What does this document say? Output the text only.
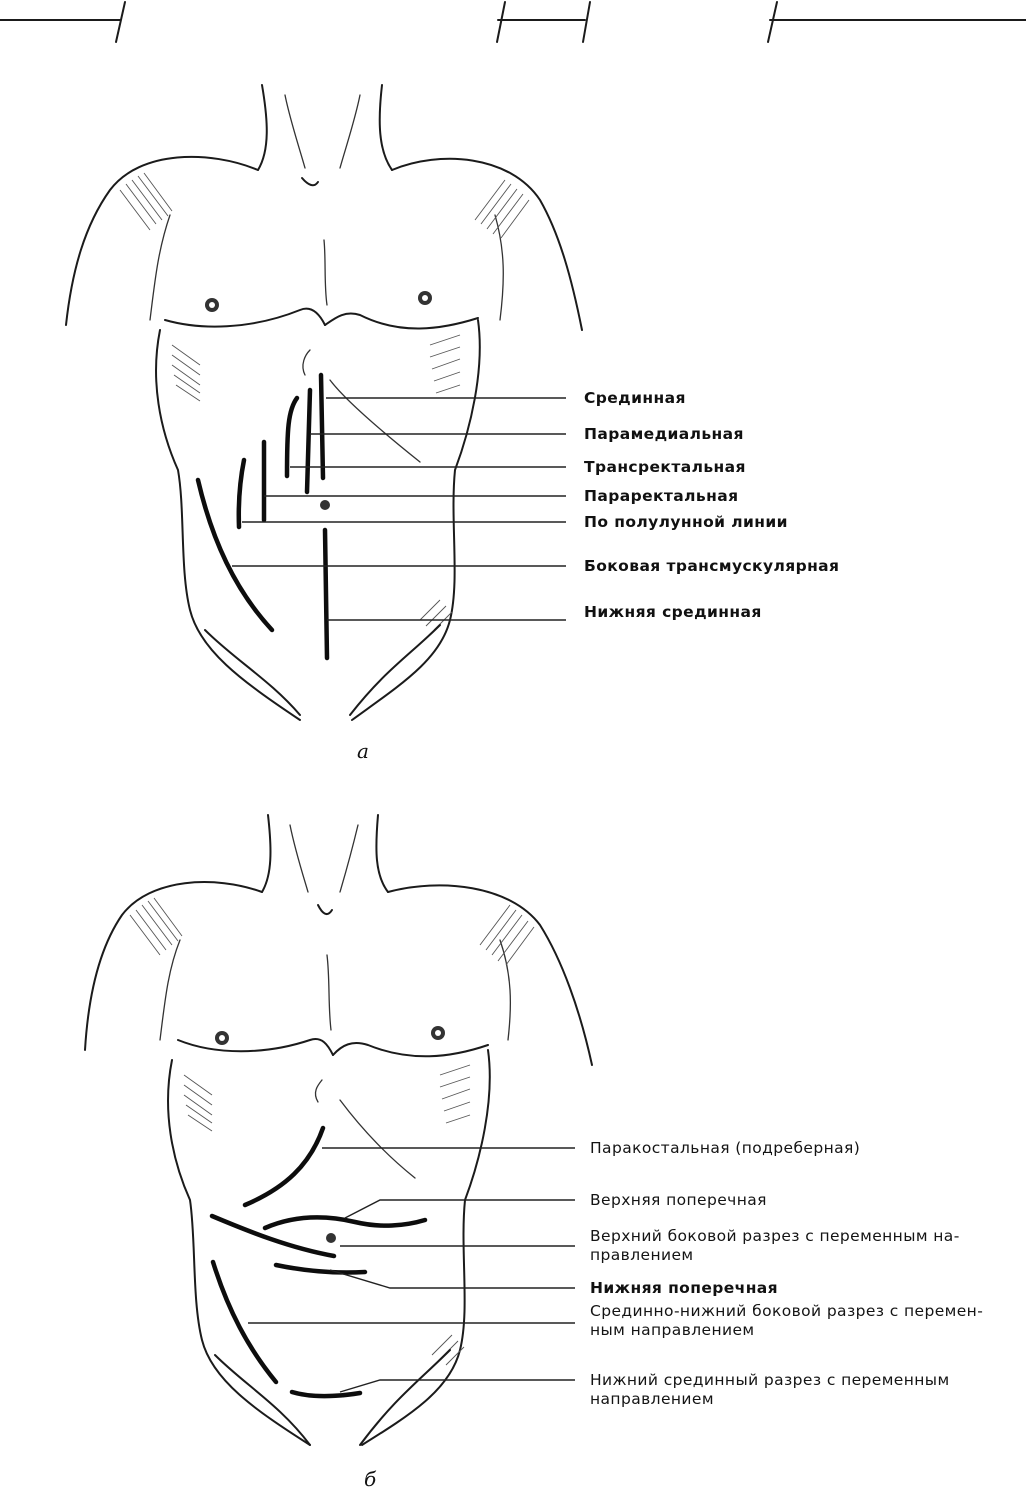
Срединная
Парамедиальная
Трансректальная
Параректальная
По полулунной линии
Боковая трансмускулярная
Нижняя срединная
а
Паракостальная (подреберная)
Верхняя поперечная
Верхний боковой разрез с переменным на-
правлением
Нижняя поперечная
Срединно-нижний боковой разрез с перемен-
ным направлением
Нижний срединный разрез с переменным
направлением
б
